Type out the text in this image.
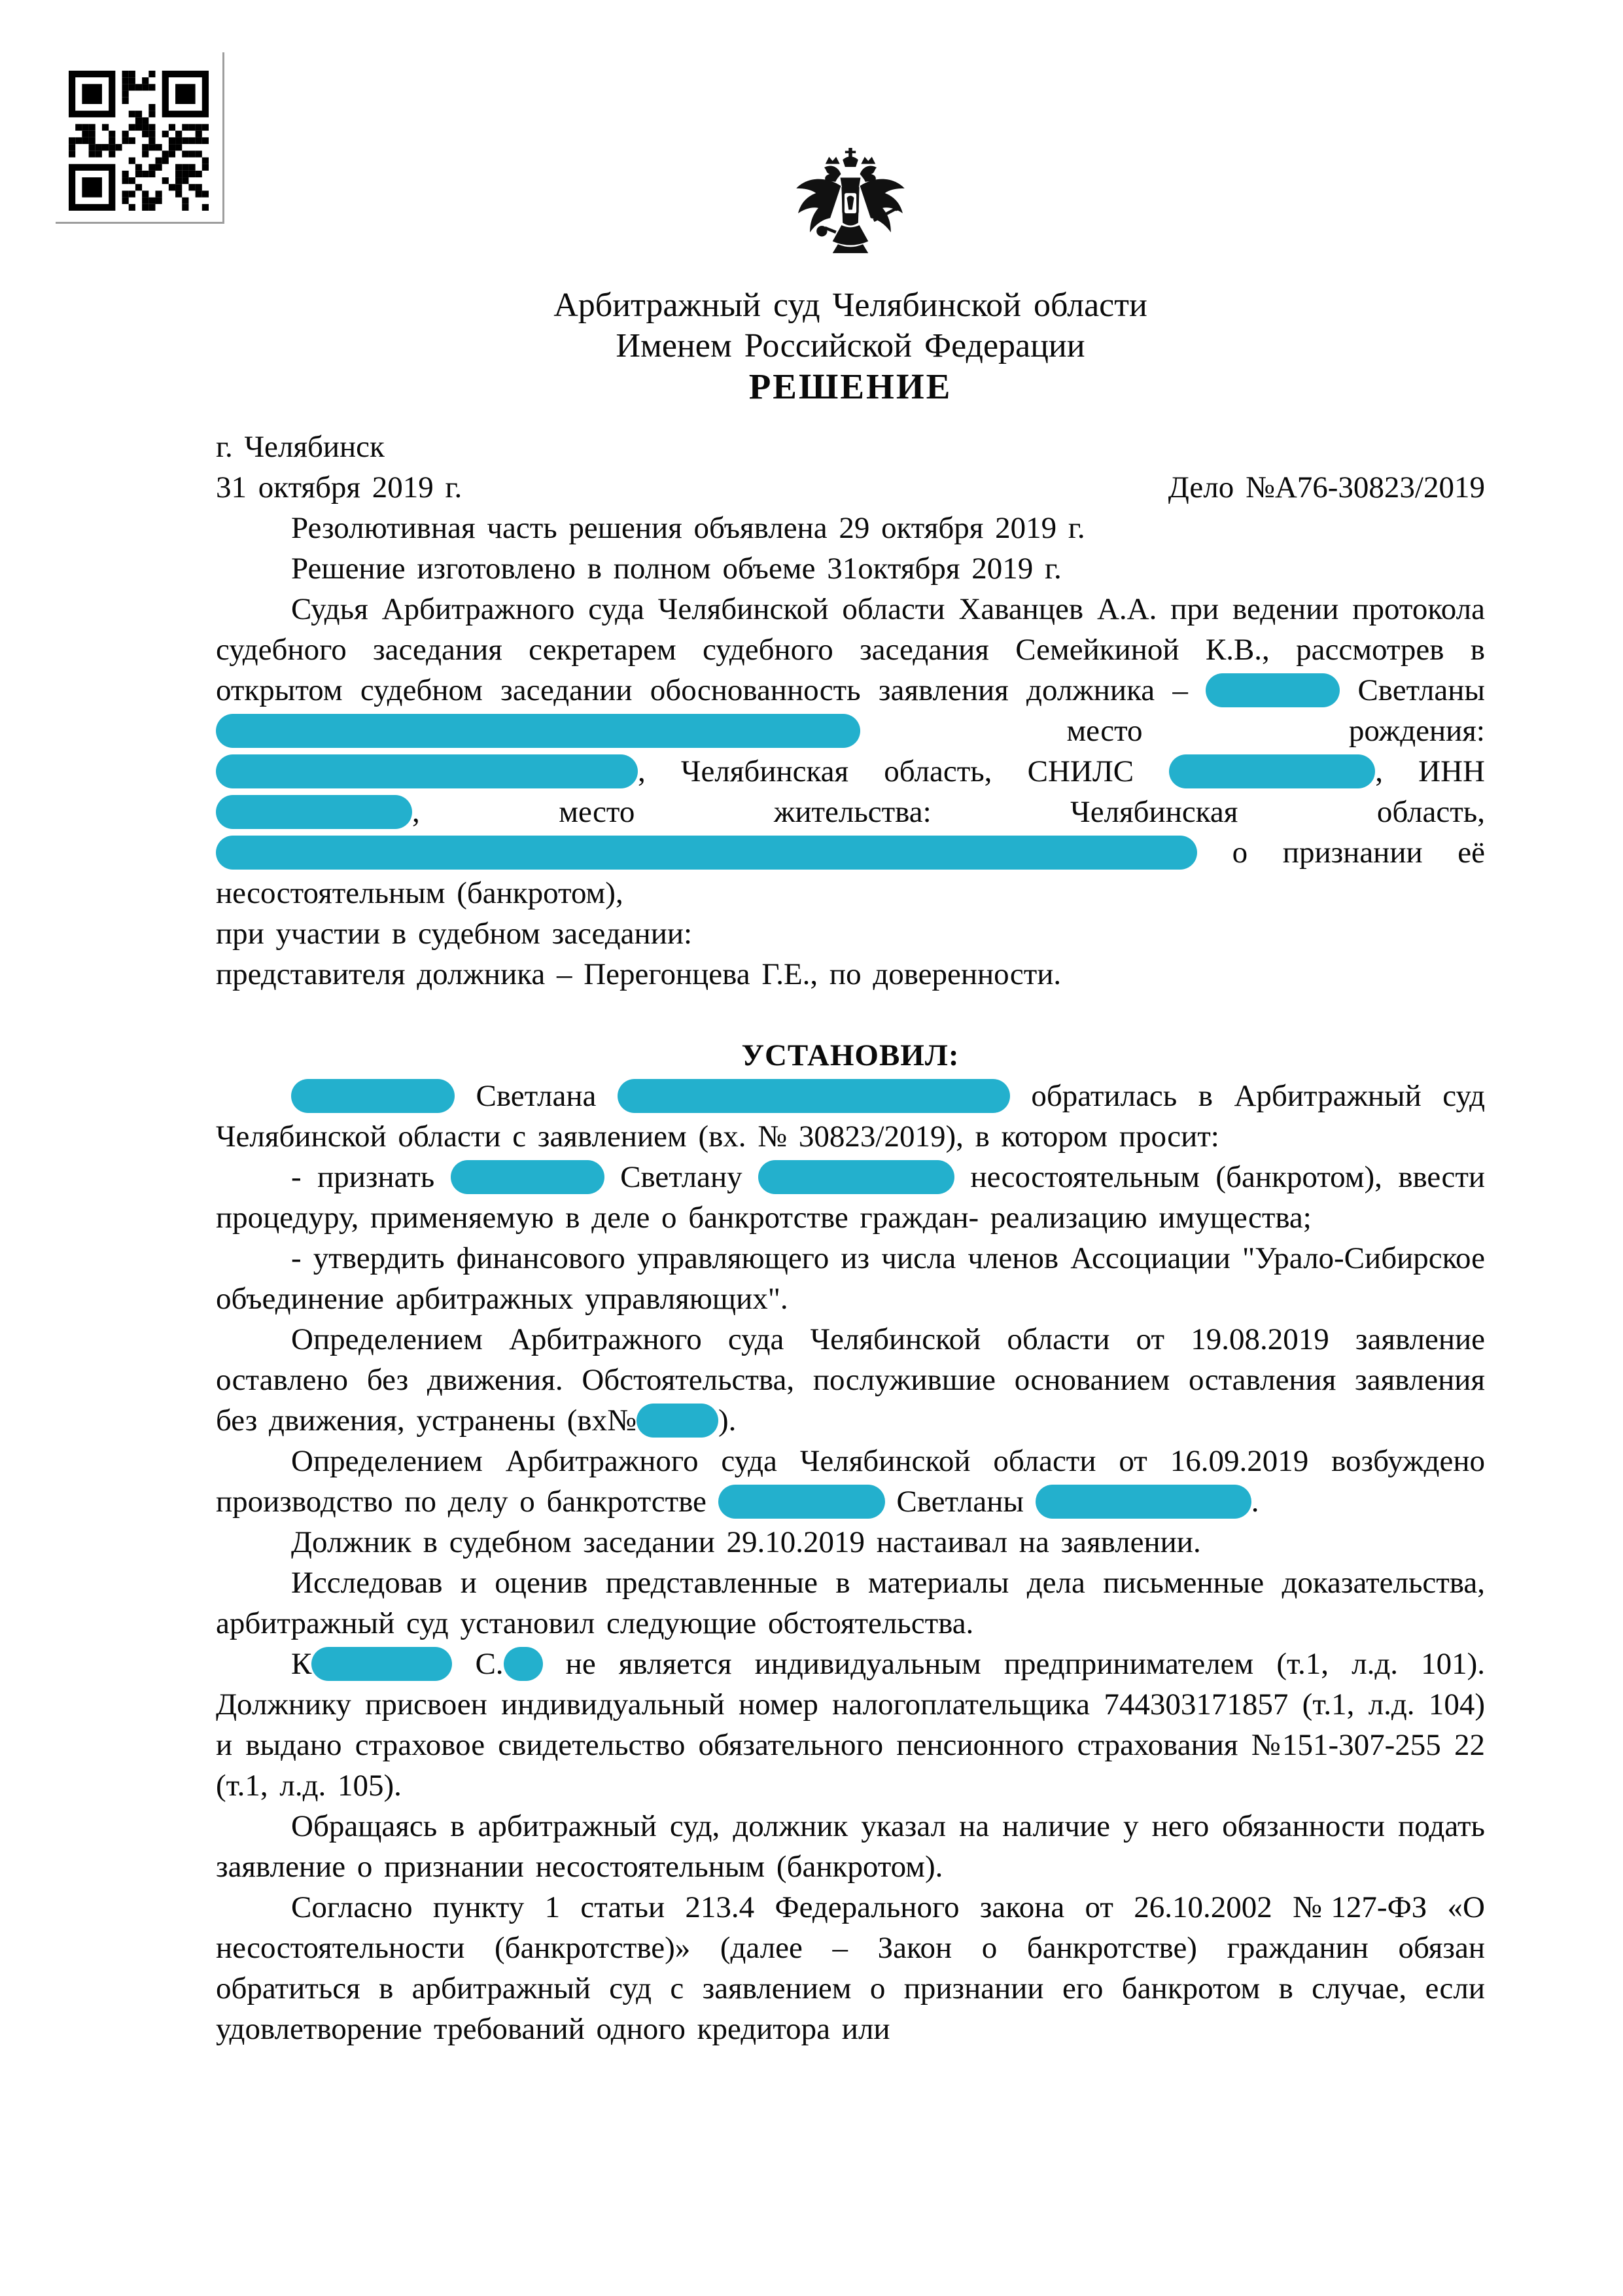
Арбитражный суд Челябинской области
Именем Российской Федерации
РЕШЕНИЕ
г. Челябинск
31 октября 2019 г.	Дело №А76-30823/2019

Резолютивная часть решения объявлена 29 октября 2019 г.

Решение изготовлено в полном объеме 31октября 2019 г.

Судья Арбитражного суда Челябинской области Хаванцев А.А. при ведении протокола судебного заседания секретарем судебного заседания Семейкиной К.В., рассмотрев в открытом судебном заседании обоснованность заявления должника –	Светланы  место рождения: , Челябинская область, СНИЛС	, ИНН , место жительства: Челябинская область,  о признании её несостоятельным (банкротом),

при участии в судебном заседании:

представителя должника – Перегонцева Г.Е., по доверенности.

УСТАНОВИЛ:

Светлана	обратилась в Арбитражный суд Челябинской области с заявлением (вх. № 30823/2019), в котором просит:

- признать	Светлану	несостоятельным (банкротом), ввести процедуру, применяемую в деле о банкротстве граждан- реализацию имущества;

- утвердить финансового управляющего из числа членов Ассоциации "Урало-Сибирское объединение арбитражных управляющих".

Определением Арбитражного суда Челябинской области от 19.08.2019 заявление оставлено без движения. Обстоятельства, послужившие основанием оставления заявления без движения, устранены (вх№	).

Определением Арбитражного суда Челябинской области от 16.09.2019 возбуждено производство по делу о банкротстве	Светланы	.

Должник в судебном заседании 29.10.2019 настаивал на заявлении.

Исследовав и оценив представленные в материалы дела письменные доказательства, арбитражный суд установил следующие обстоятельства.

К	С. не является индивидуальным предпринимателем (т.1, л.д. 101). Должнику присвоен индивидуальный номер налогоплательщика 744303171857 (т.1, л.д. 104) и выдано страховое свидетельство обязательного пенсионного страхования №151-307-255 22 (т.1, л.д. 105).

Обращаясь в арбитражный суд, должник указал на наличие у него обязанности подать заявление о признании несостоятельным (банкротом).

Согласно пункту 1 статьи 213.4 Федерального закона от 26.10.2002 №127-ФЗ «О несостоятельности (банкротстве)» (далее – Закон о банкротстве) гражданин обязан обратиться в арбитражный суд с заявлением о признании его банкротом в случае, если удовлетворение требований одного кредитора или
